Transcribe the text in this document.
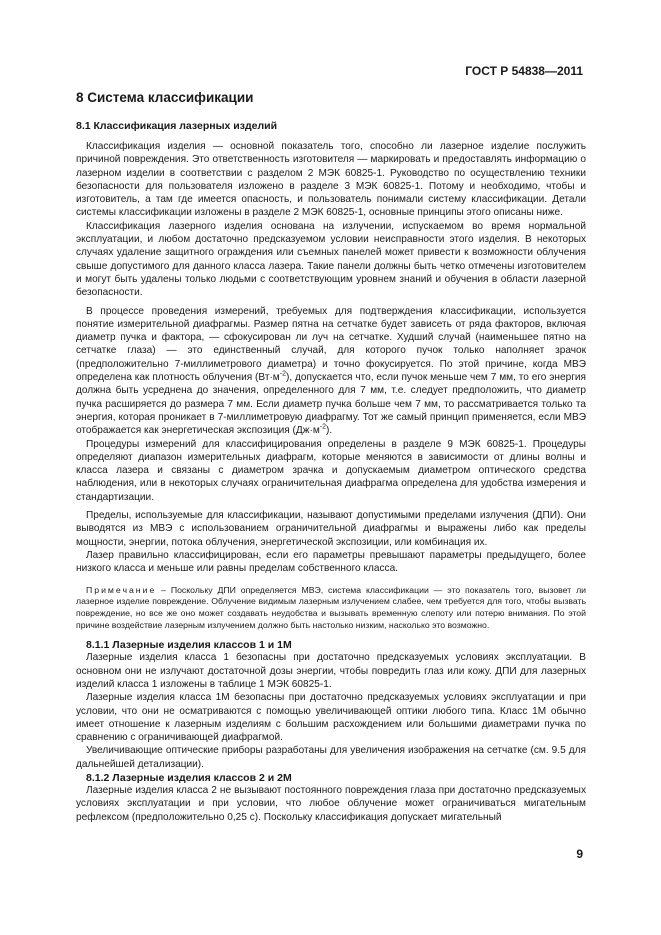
ГОСТ Р 54838—2011
8 Система классификации
8.1 Классификация лазерных изделий

Классификация изделия — основной показатель того, способно ли лазерное изделие послужить причиной повреждения. Это ответственность изготовителя — маркировать и предоставлять информацию о лазерном изделии в соответствии с разделом 2 МЭК 60825-1. Руководство по осуществлению техники безопасности для пользователя изложено в разделе 3 МЭК 60825-1. Потому и необходимо, чтобы и изготовитель, а там где имеется опасность, и пользователь понимали систему классификации. Детали системы классификации изложены в разделе 2 МЭК 60825-1, основные принципы этого описаны ниже.

Классификация лазерного изделия основана на излучении, испускаемом во время нормальной эксплуатации, и любом достаточно предсказуемом условии неисправности этого изделия. В некоторых случаях удаление защитного ограждения или съемных панелей может привести к возможности облучения свыше допустимого для данного класса лазера. Такие панели должны быть четко отмечены изготовителем и могут быть удалены только людьми с соответствующим уровнем знаний и обучения в области лазерной безопасности.

В процессе проведения измерений, требуемых для подтверждения классификации, используется понятие измерительной диафрагмы. Размер пятна на сетчатке будет зависеть от ряда факторов, включая диаметр пучка и фактора, — сфокусирован ли луч на сетчатке. Худший случай (наименьшее пятно на сетчатке глаза) — это единственный случай, для которого пучок только наполняет зрачок (предположительно 7-миллиметрового диаметра) и точно фокусируется. По этой причине, когда МВЭ определена как плотность облучения $(Вт\cdot м^{-2})$, допускается что, если пучок меньше чем 7 мм, то его энергия должна быть усреднена до значения, определенного для 7 мм, т.е. следует предположить, что диаметр пучка расширяется до размера 7 мм. Если диаметр пучка больше чем 7 мм, то рассматривается только та энергия, которая проникает в 7-миллиметровую диафрагму. Тот же самый принцип применяется, если МВЭ отображается как энергетическая экспозиция $(Дж\cdot м^{-2})$.

Процедуры измерений для классифицирования определены в разделе 9 МЭК 60825-1. Процедуры определяют диапазон измерительных диафрагм, которые меняются в зависимости от длины волны и класса лазера и связаны с диаметром зрачка и допускаемым диаметром оптического средства наблюдения, или в некоторых случаях ограничительная диафрагма определена для удобства измерения и стандартизации.

Пределы, используемые для классификации, называют допустимыми пределами излучения (ДПИ). Они выводятся из МВЭ с использованием ограничительной диафрагмы и выражены либо как пределы мощности, энергии, потока облучения, энергетической экспозиции, или комбинация их.

Лазер правильно классифицирован, если его параметры превышают параметры предыдущего, более низкого класса и меньше или равны пределам собственного класса.

Примечание – Поскольку ДПИ определяется МВЭ, система классификации — это показатель того, вызовет ли лазерное изделие повреждение. Облучение видимым лазерным излучением слабее, чем требуется для того, чтобы вызвать повреждение, но все же оно может создавать неудобства и вызывать временную слепоту или потерю внимания. По этой причине воздействие лазерным излучением должно быть настолько низким, насколько это возможно.

8.1.1 Лазерные изделия классов 1 и 1М

Лазерные изделия класса 1 безопасны при достаточно предсказуемых условиях эксплуатации. В основном они не излучают достаточной дозы энергии, чтобы повредить глаз или кожу. ДПИ для лазерных изделий класса 1 изложены в таблице 1 МЭК 60825-1.

Лазерные изделия класса 1М безопасны при достаточно предсказуемых условиях эксплуатации и при условии, что они не осматриваются с помощью увеличивающей оптики любого типа. Класс 1М обычно имеет отношение к лазерным изделиям с большим расхождением или большими диаметрами пучка по сравнению с ограничивающей диафрагмой.

Увеличивающие оптические приборы разработаны для увеличения изображения на сетчатке (см. 9.5 для дальнейшей детализации).

8.1.2 Лазерные изделия классов 2 и 2М

Лазерные изделия класса 2 не вызывают постоянного повреждения глаза при достаточно предсказуемых условиях эксплуатации и при условии, что любое облучение может ограничиваться мигательным рефлексом (предположительно 0,25 с). Поскольку классификация допускает мигательный

9
